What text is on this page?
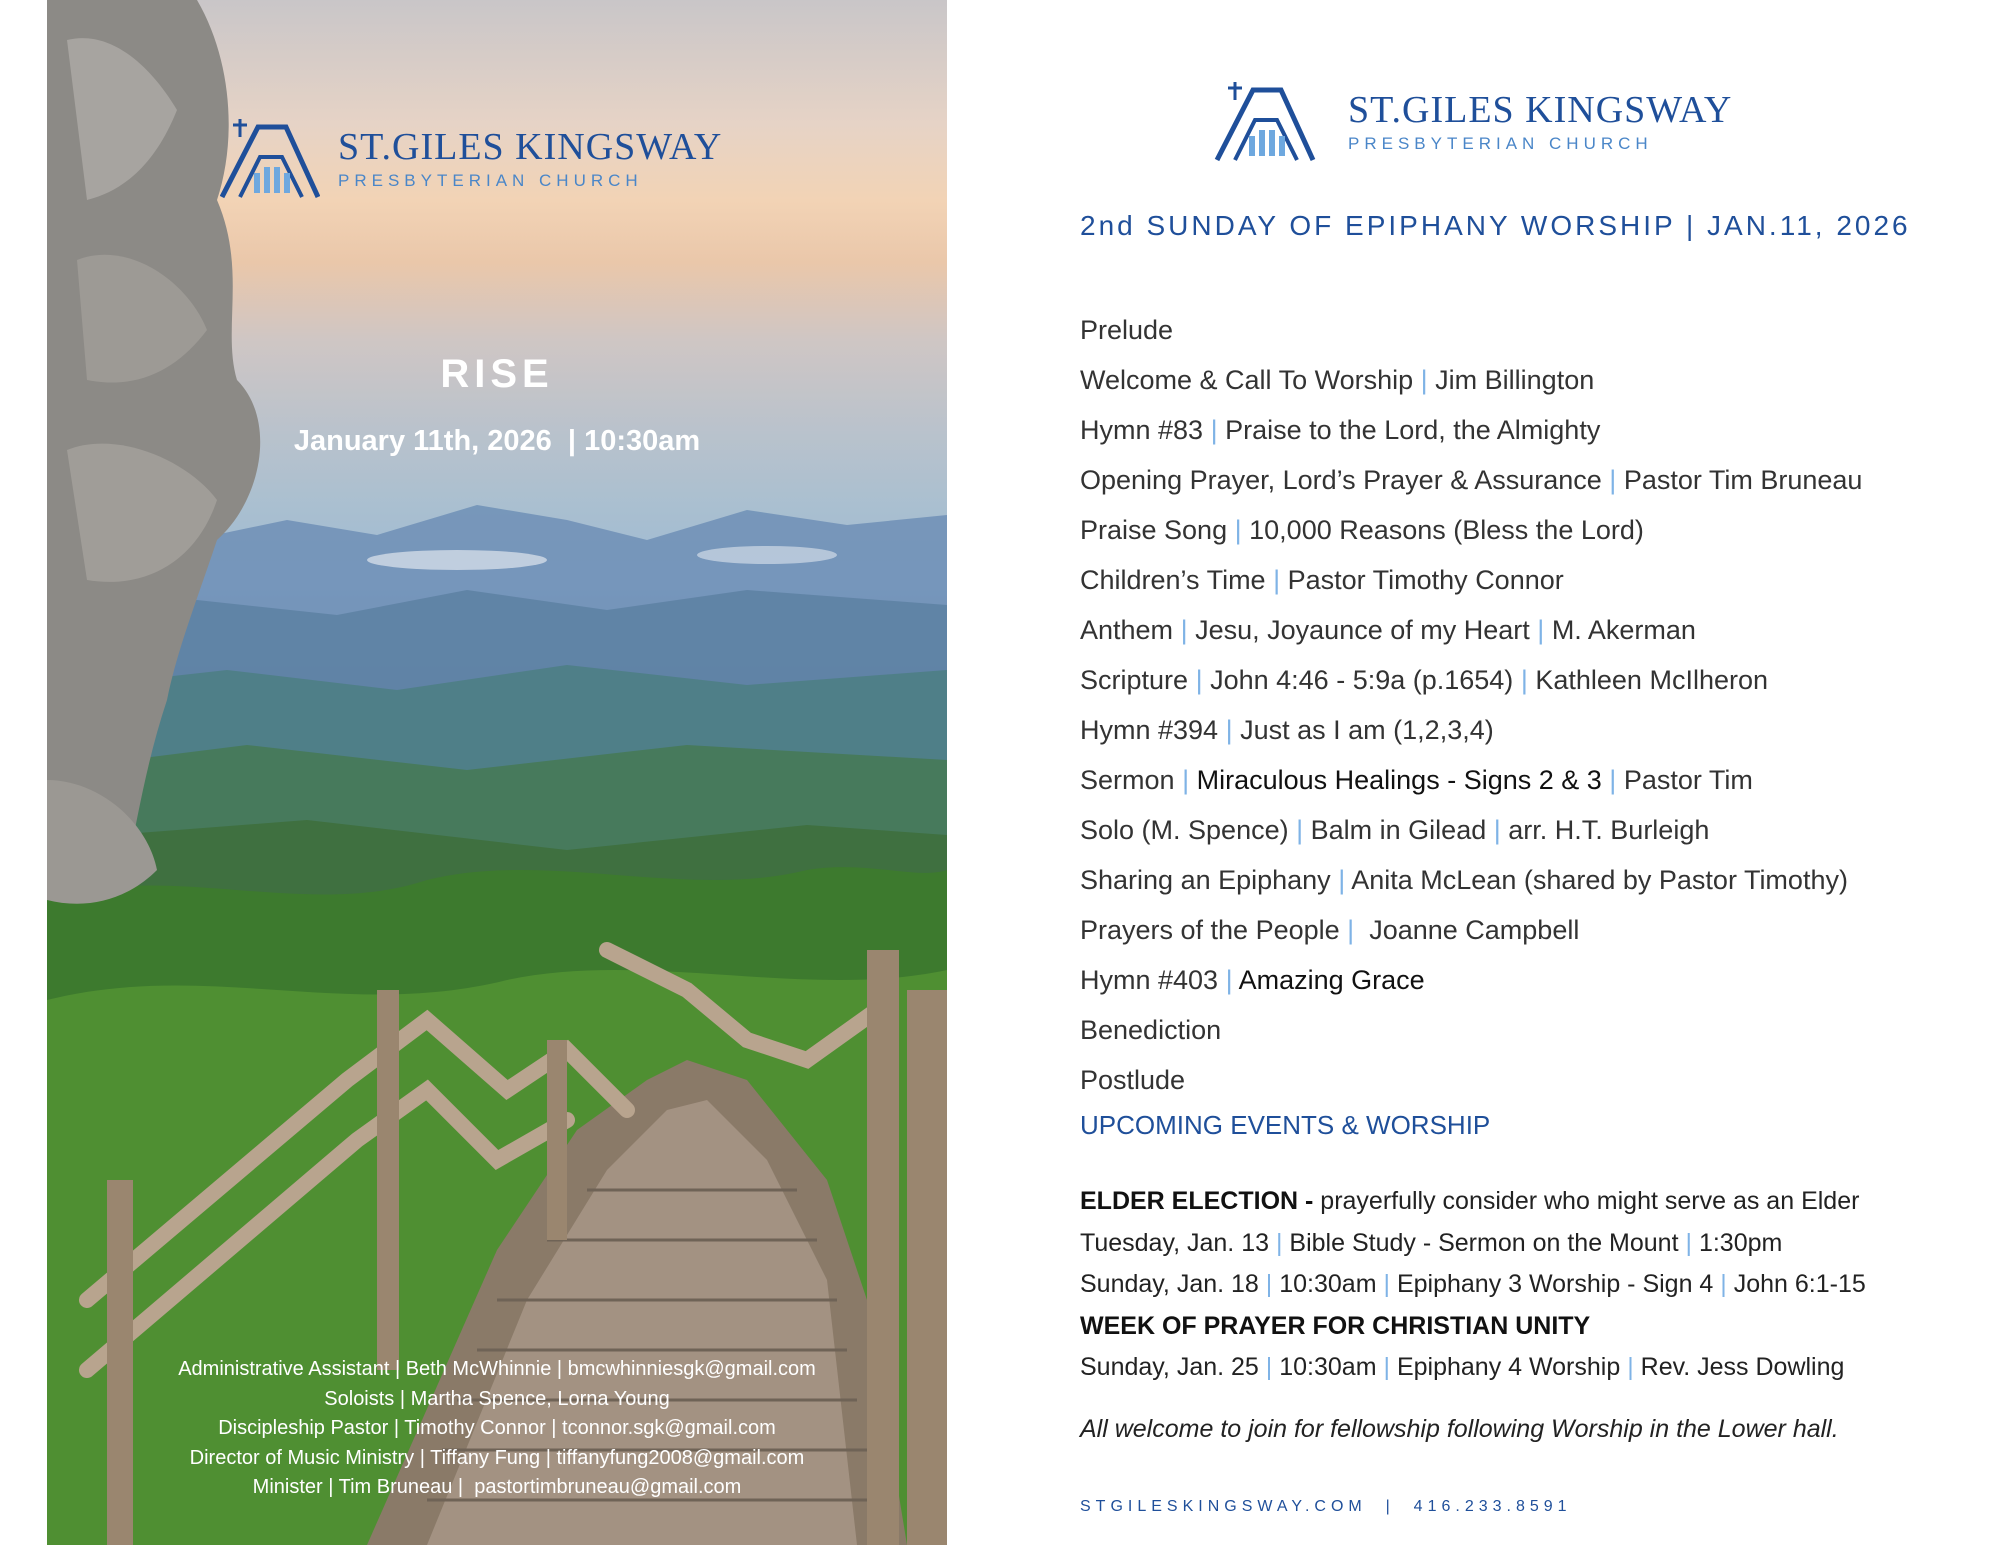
ST.GILES KINGSWAY
PRESBYTERIAN CHURCH
RISE
January 11th, 2026  | 10:30am
Administrative Assistant | Beth McWhinnie | bmcwhinniesgk@gmail.com
Soloists | Martha Spence, Lorna Young
Discipleship Pastor | Timothy Connor | tconnor.sgk@gmail.com
Director of Music Ministry | Tiffany Fung | tiffanyfung2008@gmail.com
Minister | Tim Bruneau |  pastortimbruneau@gmail.com
ST.GILES KINGSWAY
PRESBYTERIAN CHURCH
2nd SUNDAY OF EPIPHANY WORSHIP | JAN.11, 2026
Prelude
Welcome & Call To Worship | Jim Billington
Hymn #83 | Praise to the Lord, the Almighty
Opening Prayer, Lord’s Prayer & Assurance | Pastor Tim Bruneau
Praise Song | 10,000 Reasons (Bless the Lord)
Children’s Time | Pastor Timothy Connor
Anthem | Jesu, Joyaunce of my Heart | M. Akerman
Scripture | John 4:46 - 5:9a (p.1654) | Kathleen McIlheron
Hymn #394 | Just as I am (1,2,3,4)
Sermon | Miraculous Healings - Signs 2 & 3 | Pastor Tim
Solo (M. Spence) | Balm in Gilead | arr. H.T. Burleigh
Sharing an Epiphany | Anita McLean (shared by Pastor Timothy)
Prayers of the People |  Joanne Campbell
Hymn #403 | Amazing Grace
Benediction
Postlude
UPCOMING EVENTS & WORSHIP
ELDER ELECTION - prayerfully consider who might serve as an Elder
Tuesday, Jan. 13 | Bible Study - Sermon on the Mount | 1:30pm
Sunday, Jan. 18 | 10:30am | Epiphany 3 Worship - Sign 4 | John 6:1-15
WEEK OF PRAYER FOR CHRISTIAN UNITY
Sunday, Jan. 25 | 10:30am | Epiphany 4 Worship | Rev. Jess Dowling
All welcome to join for fellowship following Worship in the Lower hall.
STGILESKINGSWAY.COM  |  416.233.8591
